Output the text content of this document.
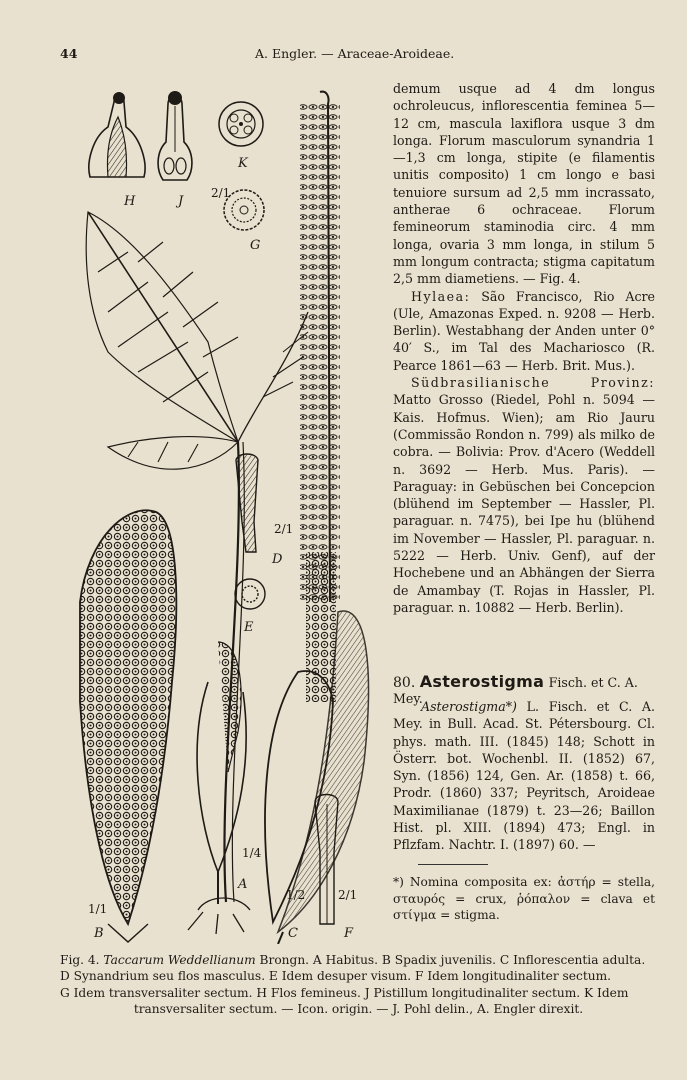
44	A. Engler. — Araceae-Aroideae.
H	J
K
2/1
G
2/1
D
E
1/4
A
1/1
B
1/2
C
2/1
F

demum usque ad 4 dm longus ochroleucus, inflorescentia feminea 5—12 cm, mascula laxiflora usque 3 dm longa. Florum masculorum synandria 1—1,3 cm longa, stipite (e filamentis unitis composito) 1 cm longo e basi tenuiore sursum ad 2,5 mm incrassato, antherae 6 ochraceae. Florum femineorum staminodia circ. 4 mm longa, ovaria 3 mm longa, in stilum 5 mm longum contracta; stigma capitatum 2,5 mm diametiens. — Fig. 4.

Hylaea: São Francisco, Rio Acre (Ule, Amazonas Exped. n. 9208 — Herb. Berlin). Westabhang der Anden unter 0° 40′ S., im Tal des Machariosco (R. Pearce 1861—63 — Herb. Brit. Mus.).

Südbrasilianische Provinz: Matto Grosso (Riedel, Pohl n. 5094 — Kais. Hofmus. Wien); am Rio Jauru (Commissão Rondon n. 799) als milko de cobra. — Bolivia: Prov. d'Acero (Weddell n. 3692 — Herb. Mus. Paris). — Paraguay: in Gebüschen bei Concepcion (blühend im September — Hassler, Pl. paraguar. n. 7475), bei Ipe hu (blühend im November — Hassler, Pl. paraguar. n. 5222 — Herb. Univ. Genf), auf der Hochebene und an Abhängen der Sierra de Amambay (T. Rojas in Hassler, Pl. paraguar. n. 10882 — Herb. Berlin).

80. Asterostigma Fisch. et C. A. Mey.
Asterostigma*) L. Fisch. et C. A. Mey. in Bull. Acad. St. Pétersbourg. Cl. phys. math. III. (1845) 148; Schott in Österr. bot. Wochenbl. II. (1852) 67, Syn. (1856) 124, Gen. Ar. (1858) t. 66, Prodr. (1860) 337; Peyritsch, Aroideae Maximilianae (1879) t. 23—26; Baillon Hist. pl. XIII. (1894) 473; Engl. in Pflzfam. Nachtr. I. (1897) 60. —
*) Nomina composita ex: ἀστήρ = stella, σταυρός = crux, ῥόπαλον = clava et στίγμα = stigma.

Fig. 4. Taccarum Weddellianum Brongn. A Habitus. B Spadix juvenilis. C Inflorescentia adulta.

D Synandrium seu flos masculus. E Idem desuper visum. F Idem longitudinaliter sectum.

G Idem transversaliter sectum. H Flos femineus. J Pistillum longitudinaliter sectum. K Idem

transversaliter sectum. — Icon. origin. — J. Pohl delin., A. Engler direxit.
